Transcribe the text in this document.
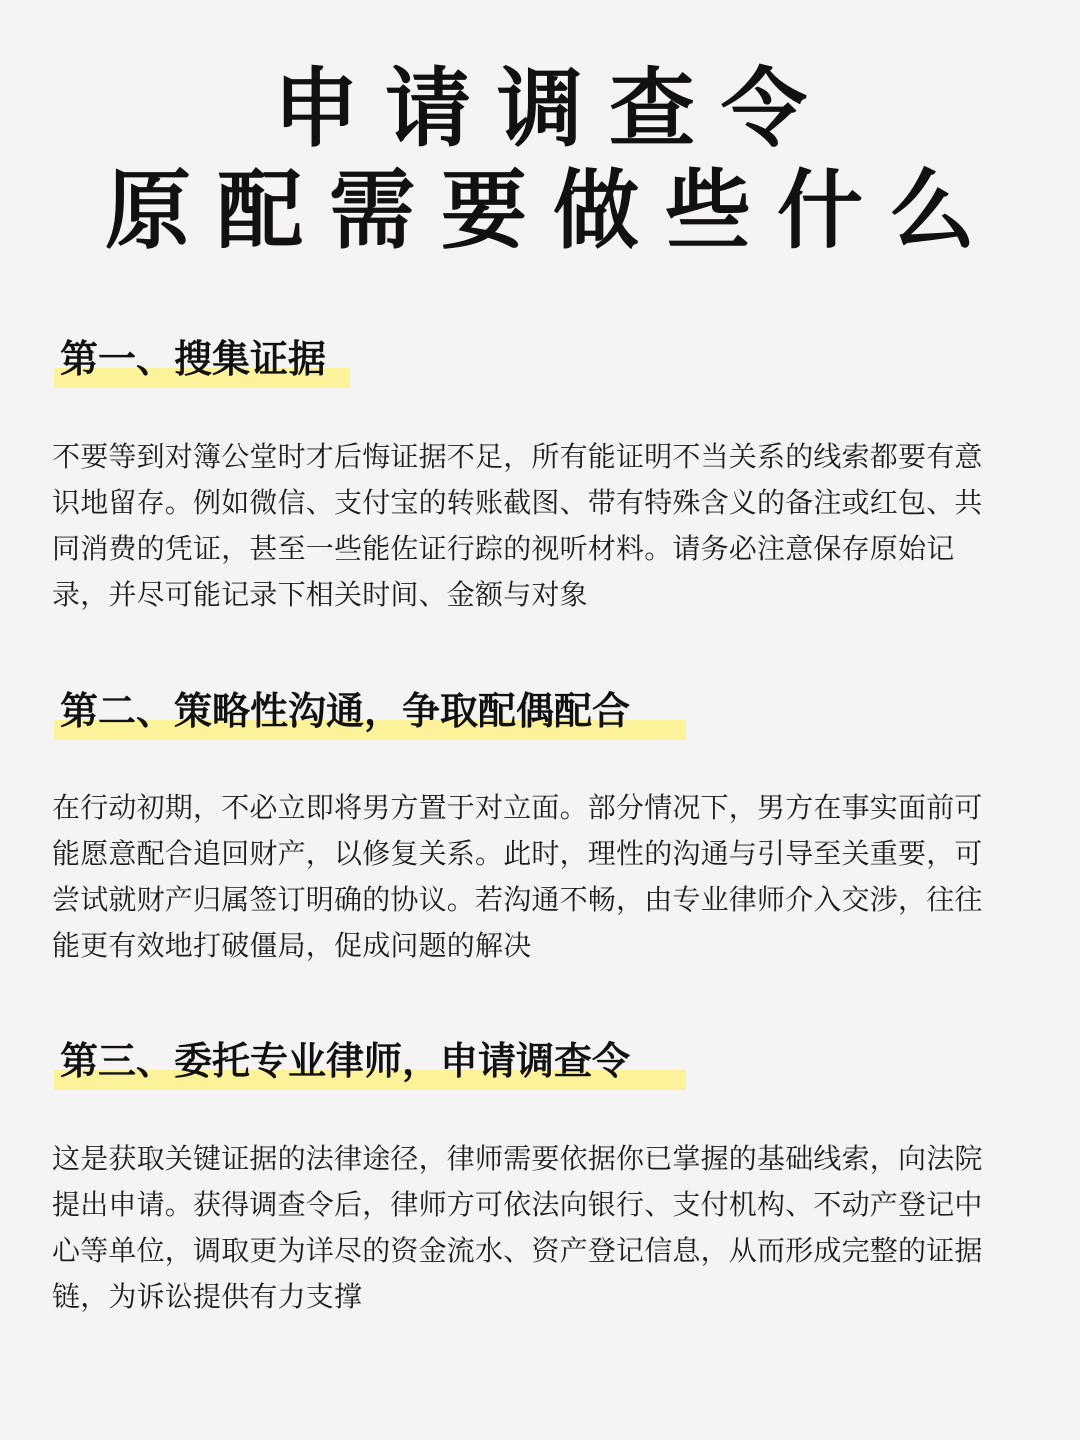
申请调查令
原配需要做些什么
第一、搜集证据
不要等到对簿公堂时才后悔证据不足，所有能证明不当关系的线索都要有意
识地留存。例如微信、支付宝的转账截图、带有特殊含义的备注或红包、共
同消费的凭证，甚至一些能佐证行踪的视听材料。请务必注意保存原始记
录，并尽可能记录下相关时间、金额与对象
第二、策略性沟通，争取配偶配合
在行动初期，不必立即将男方置于对立面。部分情况下，男方在事实面前可
能愿意配合追回财产，以修复关系。此时，理性的沟通与引导至关重要，可
尝试就财产归属签订明确的协议。若沟通不畅，由专业律师介入交涉，往往
能更有效地打破僵局，促成问题的解决
第三、委托专业律师，申请调查令
这是获取关键证据的法律途径，律师需要依据你已掌握的基础线索，向法院
提出申请。获得调查令后，律师方可依法向银行、支付机构、不动产登记中
心等单位，调取更为详尽的资金流水、资产登记信息，从而形成完整的证据
链，为诉讼提供有力支撑
